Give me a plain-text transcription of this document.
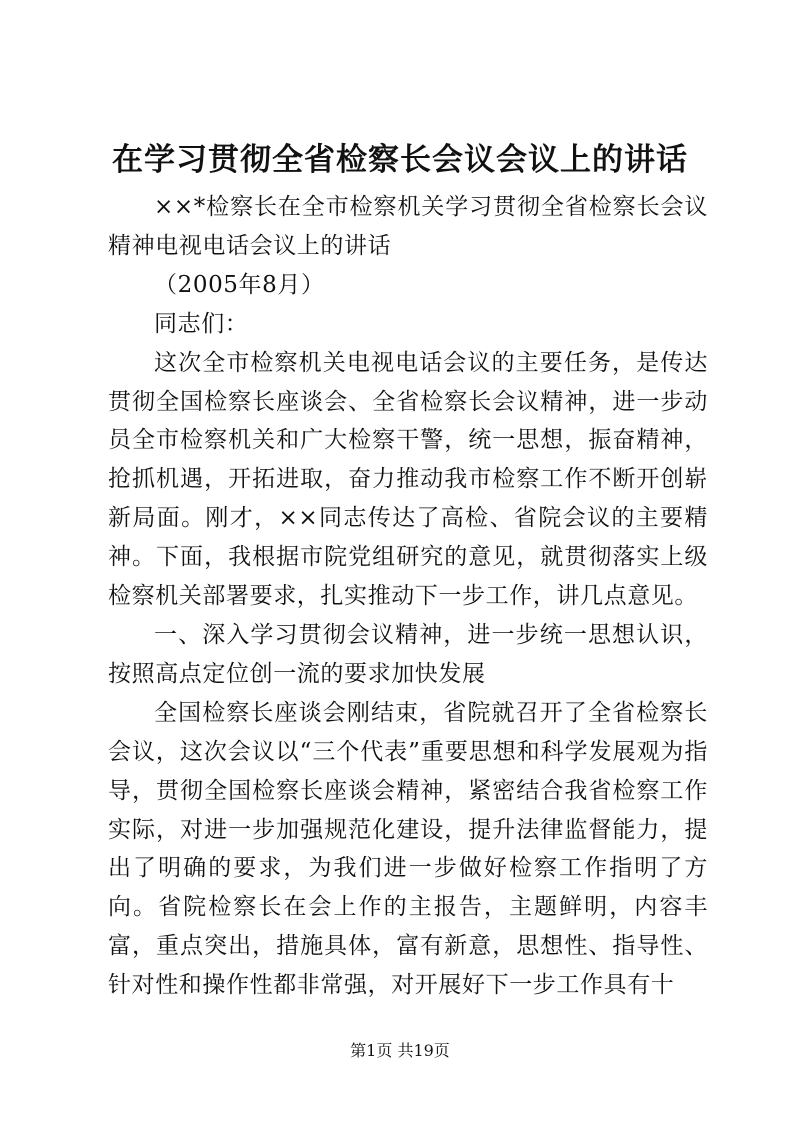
在学习贯彻全省检察长会议会议上的讲话

××*检察长在全市检察机关学习贯彻全省检察长会议精神电视电话会议上的讲话

（2005年8月）

同志们：

这次全市检察机关电视电话会议的主要任务，是传达贯彻全国检察长座谈会、全省检察长会议精神，进一步动员全市检察机关和广大检察干警，统一思想，振奋精神，抢抓机遇，开拓进取，奋力推动我市检察工作不断开创崭新局面。刚才，××同志传达了高检、省院会议的主要精神。下面，我根据市院党组研究的意见，就贯彻落实上级检察机关部署要求，扎实推动下一步工作，讲几点意见。

一、深入学习贯彻会议精神，进一步统一思想认识，按照高点定位创一流的要求加快发展

全国检察长座谈会刚结束，省院就召开了全省检察长会议，这次会议以“三个代表”重要思想和科学发展观为指导，贯彻全国检察长座谈会精神，紧密结合我省检察工作实际，对进一步加强规范化建设，提升法律监督能力，提出了明确的要求，为我们进一步做好检察工作指明了方向。省院检察长在会上作的主报告，主题鲜明，内容丰富，重点突出，措施具体，富有新意，思想性、指导性、针对性和操作性都非常强，对开展好下一步工作具有十

第1页 共19页
